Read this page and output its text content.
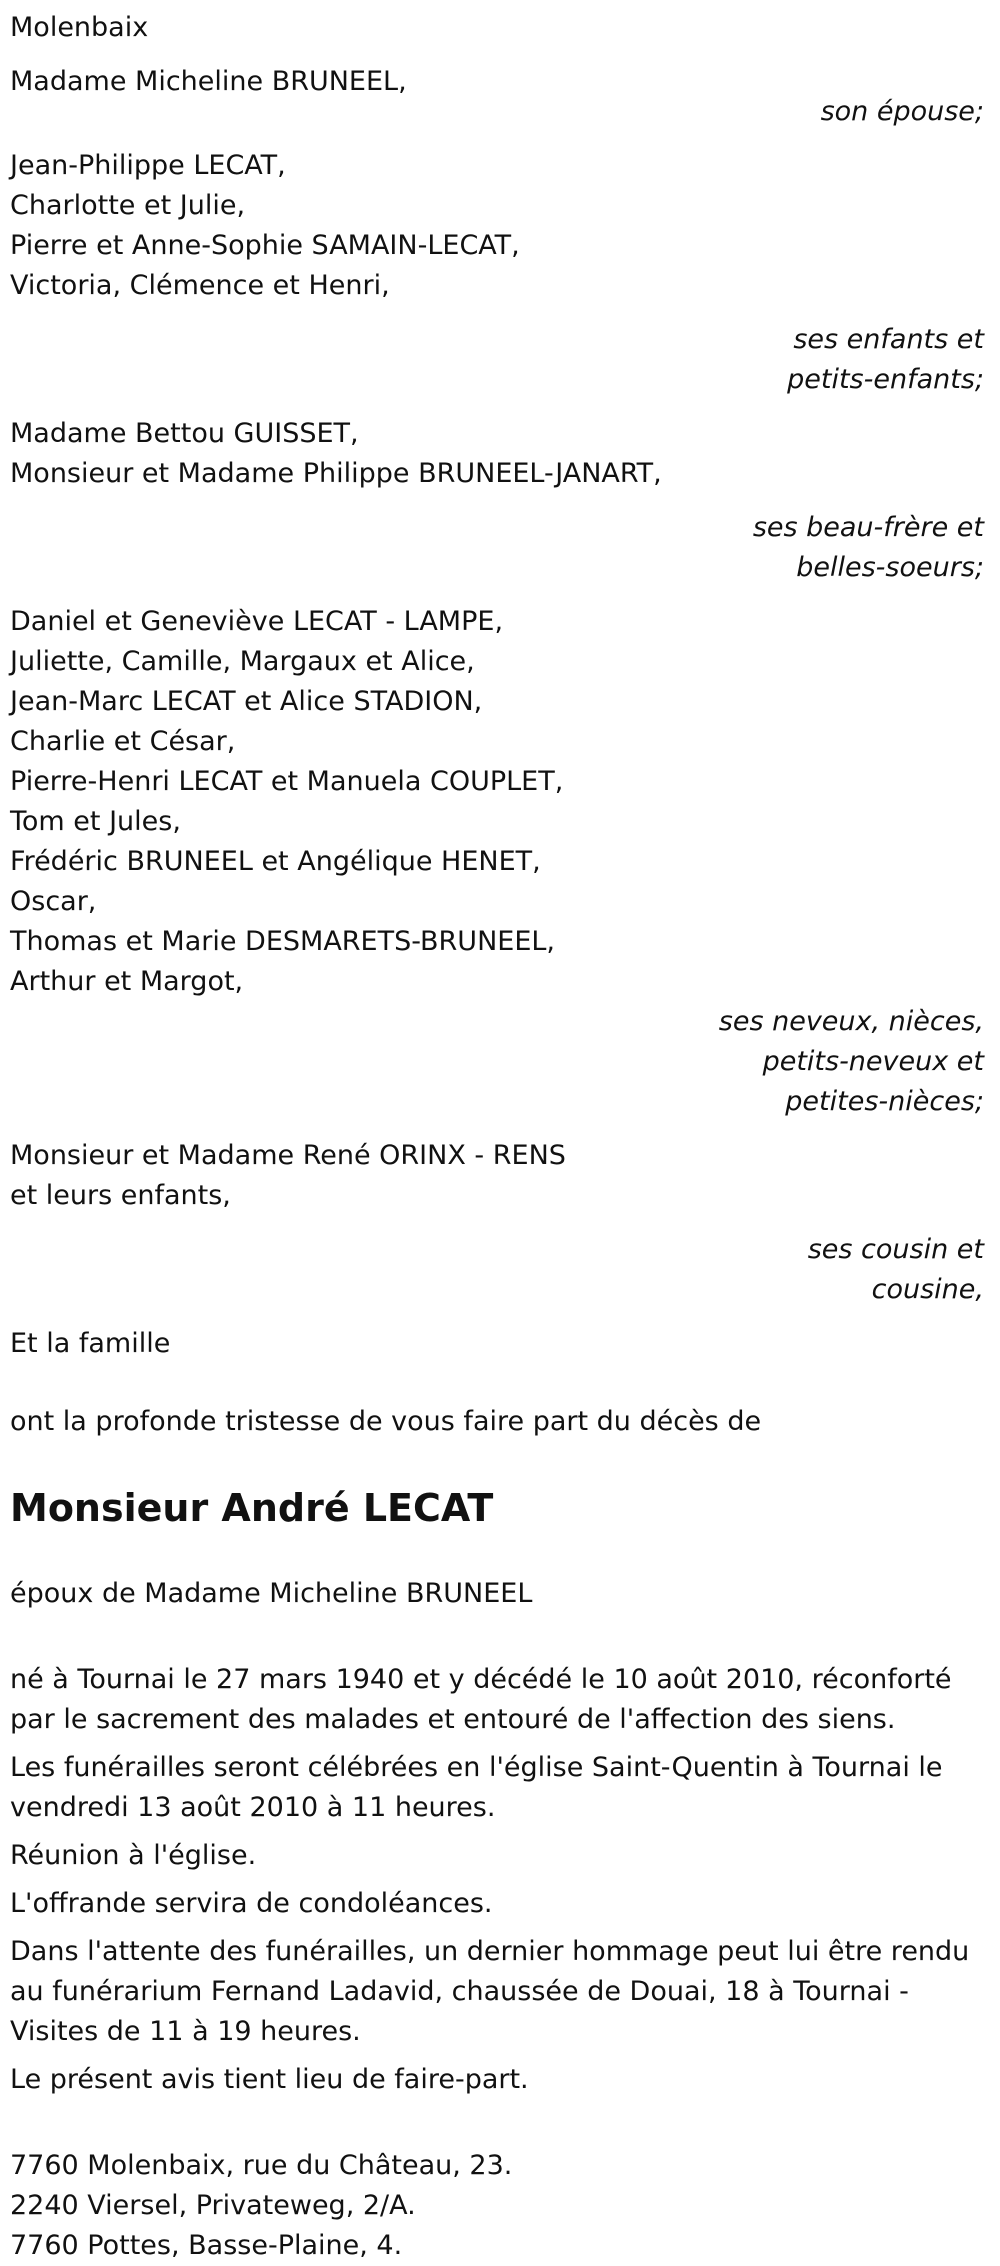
Molenbaix
Madame Micheline BRUNEEL,
son épouse;
Jean-Philippe LECAT,
Charlotte et Julie,
Pierre et Anne-Sophie SAMAIN-LECAT,
Victoria, Clémence et Henri,
ses enfants et
petits-enfants;
Madame Bettou GUISSET,
Monsieur et Madame Philippe BRUNEEL-JANART,
ses beau-frère et
belles-soeurs;
Daniel et Geneviève LECAT - LAMPE,
Juliette, Camille, Margaux et Alice,
Jean-Marc LECAT et Alice STADION,
Charlie et César,
Pierre-Henri LECAT et Manuela COUPLET,
Tom et Jules,
Frédéric BRUNEEL et Angélique HENET,
Oscar,
Thomas et Marie DESMARETS-BRUNEEL,
Arthur et Margot,
ses neveux, nièces,
petits-neveux et
petites-nièces;
Monsieur et Madame René ORINX - RENS
et leurs enfants,
ses cousin et
cousine,
Et la famille
ont la profonde tristesse de vous faire part du décès de
Monsieur André LECAT
époux de Madame Micheline BRUNEEL
né à Tournai le 27 mars 1940 et y décédé le 10 août 2010, réconforté par le sacrement des malades et entouré de l'affection des siens.
Les funérailles seront célébrées en l'église Saint-Quentin à Tournai le vendredi 13 août 2010 à 11 heures.
Réunion à l'église.
L'offrande servira de condoléances.
Dans l'attente des funérailles, un dernier hommage peut lui être rendu au funérarium Fernand Ladavid, chaussée de Douai, 18 à Tournai - Visites de 11 à 19 heures.
Le présent avis tient lieu de faire-part.
7760 Molenbaix, rue du Château, 23.
2240 Viersel, Privateweg, 2/A.
7760 Pottes, Basse-Plaine, 4.
